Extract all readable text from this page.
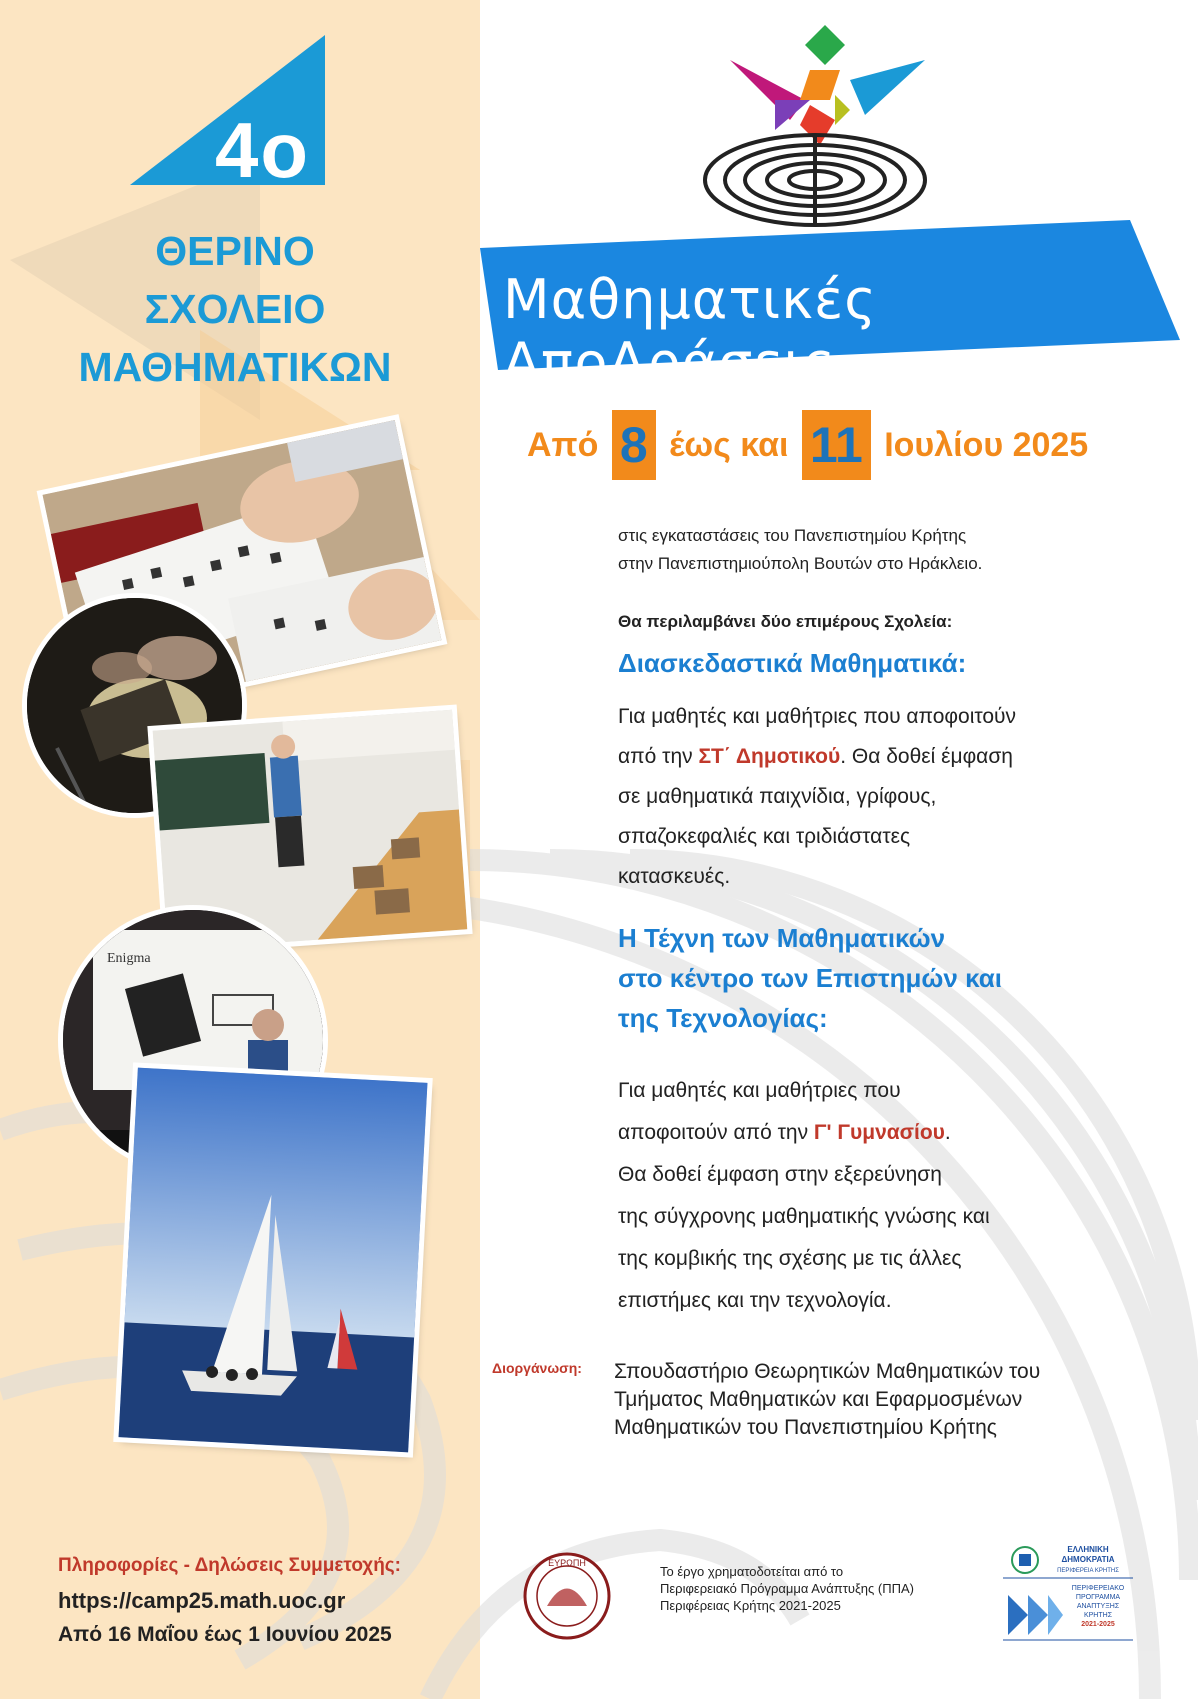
4ο
ΘΕΡΙΝΟ
ΣΧΟΛΕΙΟ
ΜΑΘΗΜΑΤΙΚΩΝ
Enigma
Πληροφορίες - Δηλώσεις Συμμετοχής:
https://camp25.math.uoc.gr
Από 16 Μαΐου έως 1 Ιουνίου 2025
Μαθηματικές ΑποΔράσεις
Από 8 έως και 11 Ιουλίου 2025
στις εγκαταστάσεις του Πανεπιστημίου Κρήτης
στην Πανεπιστημιούπολη Βουτών στο Ηράκλειο.
Θα περιλαμβάνει δύο επιμέρους Σχολεία:
Διασκεδαστικά Μαθηματικά:
Για μαθητές και μαθήτριες που αποφοιτούν
από την ΣΤ΄ Δημοτικού. Θα δοθεί έμφαση
σε μαθηματικά παιχνίδια, γρίφους,
σπαζοκεφαλιές και τριδιάστατες
κατασκευές.
Η Τέχνη των Μαθηματικών
στο κέντρο των Επιστημών και
της Τεχνολογίας:
Για μαθητές και μαθήτριες που
αποφοιτούν από την Γ' Γυμνασίου.
Θα δοθεί έμφαση στην εξερεύνηση
της σύγχρονης μαθηματικής γνώσης και
της κομβικής της σχέσης με τις άλλες
επιστήμες και την τεχνολογία.
Διοργάνωση: Σπουδαστήριο Θεωρητικών Μαθηματικών του
Τμήματος Μαθηματικών και Εφαρμοσμένων
Μαθηματικών του Πανεπιστημίου Κρήτης
ΕΥΡΩΠΗ
Το έργο χρηματοδοτείται από το
Περιφερειακό Πρόγραμμα Ανάπτυξης (ΠΠΑ)
Περιφέρειας Κρήτης 2021-2025
ΕΛΛΗΝΙΚΗ
ΔΗΜΟΚΡΑΤΙΑ
ΠΕΡΙΦΕΡΕΙΑ ΚΡΗΤΗΣ
ΠΕΡΙΦΕΡΕΙΑΚΟ
ΠΡΟΓΡΑΜΜΑ
ΑΝΑΠΤΥΞΗΣ
ΚΡΗΤΗΣ
2021-2025
